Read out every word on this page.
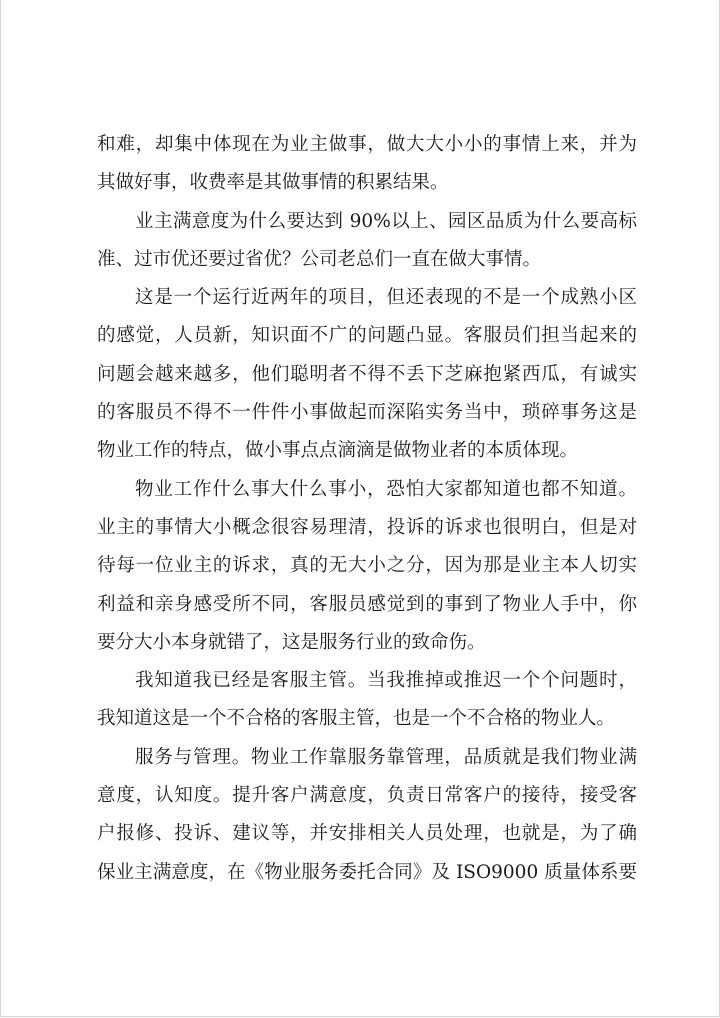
和难，却集中体现在为业主做事，做大大小小的事情上来，并为
其做好事，收费率是其做事情的积累结果。
业主满意度为什么要达到 90%以上、园区品质为什么要高标
准、过市优还要过省优？公司老总们一直在做大事情。
这是一个运行近两年的项目，但还表现的不是一个成熟小区
的感觉，人员新，知识面不广的问题凸显。客服员们担当起来的
问题会越来越多，他们聪明者不得不丢下芝麻抱紧西瓜，有诚实
的客服员不得不一件件小事做起而深陷实务当中，琐碎事务这是
物业工作的特点，做小事点点滴滴是做物业者的本质体现。
物业工作什么事大什么事小，恐怕大家都知道也都不知道。
业主的事情大小概念很容易理清，投诉的诉求也很明白，但是对
待每一位业主的诉求，真的无大小之分，因为那是业主本人切实
利益和亲身感受所不同，客服员感觉到的事到了物业人手中，你
要分大小本身就错了，这是服务行业的致命伤。
我知道我已经是客服主管。当我推掉或推迟一个个问题时，
我知道这是一个不合格的客服主管，也是一个不合格的物业人。
服务与管理。物业工作靠服务靠管理，品质就是我们物业满
意度，认知度。提升客户满意度，负责日常客户的接待，接受客
户报修、投诉、建议等，并安排相关人员处理，也就是，为了确
保业主满意度，在《物业服务委托合同》及 ISO9000 质量体系要
